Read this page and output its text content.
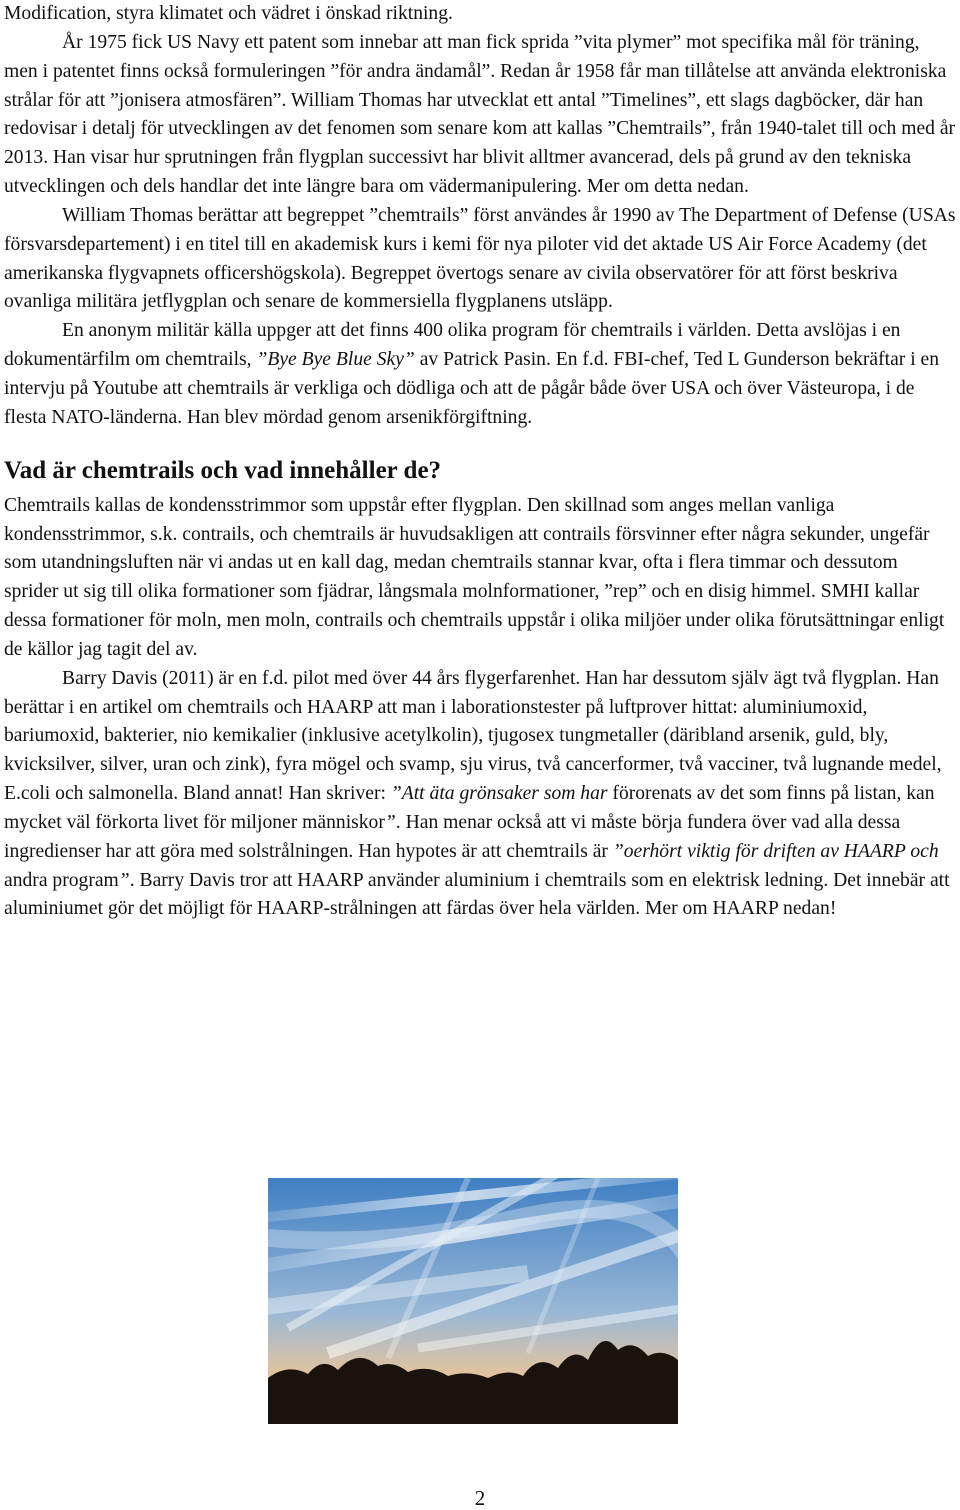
Modification, styra klimatet och vädret i önskad riktning.

År 1975 fick US Navy ett patent som innebar att man fick sprida ”vita plymer” mot specifika mål för träning, men i patentet finns också formuleringen ”för andra ändamål”. Redan år 1958 får man tillåtelse att använda elektroniska strålar för att ”jonisera atmosfären”. William Thomas har utvecklat ett antal ”Timelines”, ett slags dagböcker, där han redovisar i detalj för utvecklingen av det fenomen som senare kom att kallas ”Chemtrails”, från 1940-talet till och med år 2013. Han visar hur sprutningen från flygplan successivt har blivit alltmer avancerad, dels på grund av den tekniska utvecklingen och dels handlar det inte längre bara om vädermanipulering. Mer om detta nedan.

William Thomas berättar att begreppet ”chemtrails” först användes år 1990 av The Department of Defense (USAs försvarsdepartement) i en titel till en akademisk kurs i kemi för nya piloter vid det aktade US Air Force Academy (det amerikanska flygvapnets officershögskola). Begreppet övertogs senare av civila observatörer för att först beskriva ovanliga militära jetflygplan och senare de kommersiella flygplanens utsläpp.

En anonym militär källa uppger att det finns 400 olika program för chemtrails i världen. Detta avslöjas i en dokumentärfilm om chemtrails, ”Bye Bye Blue Sky” av Patrick Pasin. En f.d. FBI-chef, Ted L Gunderson bekräftar i en intervju på Youtube att chemtrails är verkliga och dödliga och att de pågår både över USA och över Västeuropa, i de flesta NATO-länderna. Han blev mördad genom arsenikförgiftning.

Vad är chemtrails och vad innehåller de?

Chemtrails kallas de kondensstrimmor som uppstår efter flygplan. Den skillnad som anges mellan vanliga kondensstrimmor, s.k. contrails, och chemtrails är huvudsakligen att contrails försvinner efter några sekunder, ungefär som utandningsluften när vi andas ut en kall dag, medan chemtrails stannar kvar, ofta i flera timmar och dessutom sprider ut sig till olika formationer som fjädrar, långsmala molnformationer, ”rep” och en disig himmel. SMHI kallar dessa formationer för moln, men moln, contrails och chemtrails uppstår i olika miljöer under olika förutsättningar enligt de källor jag tagit del av.

Barry Davis (2011) är en f.d. pilot med över 44 års flygerfarenhet. Han har dessutom själv ägt två flygplan. Han berättar i en artikel om chemtrails och HAARP att man i laborationstester på luftprover hittat: aluminiumoxid, bariumoxid, bakterier, nio kemikalier (inklusive acetylkolin), tjugosex tungmetaller (däribland arsenik, guld, bly, kvicksilver, silver, uran och zink), fyra mögel och svamp, sju virus, två cancerformer, två vacciner, två lugnande medel, E.coli och salmonella. Bland annat! Han skriver: ”Att äta grönsaker som har förorenats av det som finns på listan, kan mycket väl förkorta livet för miljoner människor”. Han menar också att vi måste börja fundera över vad alla dessa ingredienser har att göra med solstrålningen. Han hypotes är att chemtrails är ”oerhört viktig för driften av HAARP och andra program”. Barry Davis tror att HAARP använder aluminium i chemtrails som en elektrisk ledning. Det innebär att aluminiumet gör det möjligt för HAARP-strålningen att färdas över hela världen. Mer om HAARP nedan!

2
